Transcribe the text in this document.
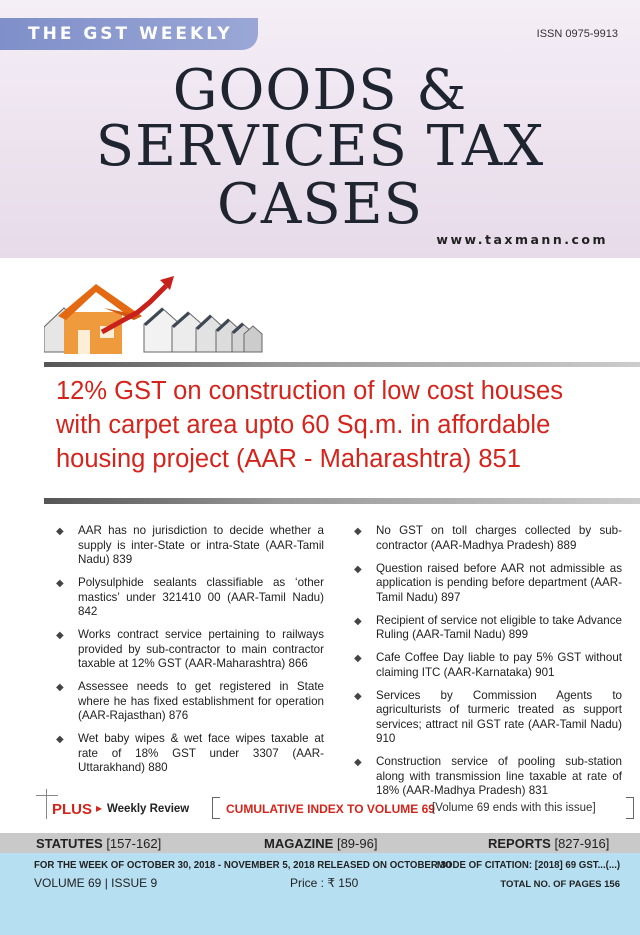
THE GST WEEKLY	ISSN 0975-9913
GOODS &
SERVICES TAX
CASES
www.taxmann.com
12% GST on construction of low cost houses
with carpet area upto 60 Sq.m. in affordable
housing project (AAR - Maharashtra) 851
◆ AAR has no jurisdiction to decide whether a supply is inter-State or intra-State (AAR-Tamil Nadu) 839
◆ Polysulphide sealants classifiable as ‘other mastics’ under 321410 00 (AAR-Tamil Nadu) 842
◆ Works contract service pertaining to railways provided by sub-contractor to main contractor taxable at 12% GST (AAR-Maharashtra) 866
◆ Assessee needs to get registered in State where he has fixed establishment for operation (AAR-Rajasthan) 876
◆ Wet baby wipes & wet face wipes taxable at rate of 18% GST under 3307 (AAR-Uttarakhand) 880
◆ No GST on toll charges collected by sub-contractor (AAR-Madhya Pradesh) 889
◆ Question raised before AAR not admissible as application is pending before department (AAR-Tamil Nadu) 897
◆ Recipient of service not eligible to take Advance Ruling (AAR-Tamil Nadu) 899
◆ Cafe Coffee Day liable to pay 5% GST without claiming ITC (AAR-Karnataka) 901
◆ Services by Commission Agents to agriculturists of turmeric treated as support services; attract nil GST rate (AAR-Tamil Nadu) 910
◆ Construction service of pooling sub-station along with transmission line taxable at rate of 18% (AAR-Madhya Pradesh) 831
PLUS ▸ Weekly Review	CUMULATIVE INDEX TO VOLUME 69
[Volume 69 ends with this issue]
STATUTES [157-162]	MAGAZINE [89-96]	REPORTS [827-916]
FOR THE WEEK OF OCTOBER 30, 2018 - NOVEMBER 5, 2018 RELEASED ON OCTOBER 30
MODE OF CITATION: [2018] 69 GST...(...)
VOLUME 69 | ISSUE 9	Price : ₹ 150	TOTAL NO. OF PAGES 156
